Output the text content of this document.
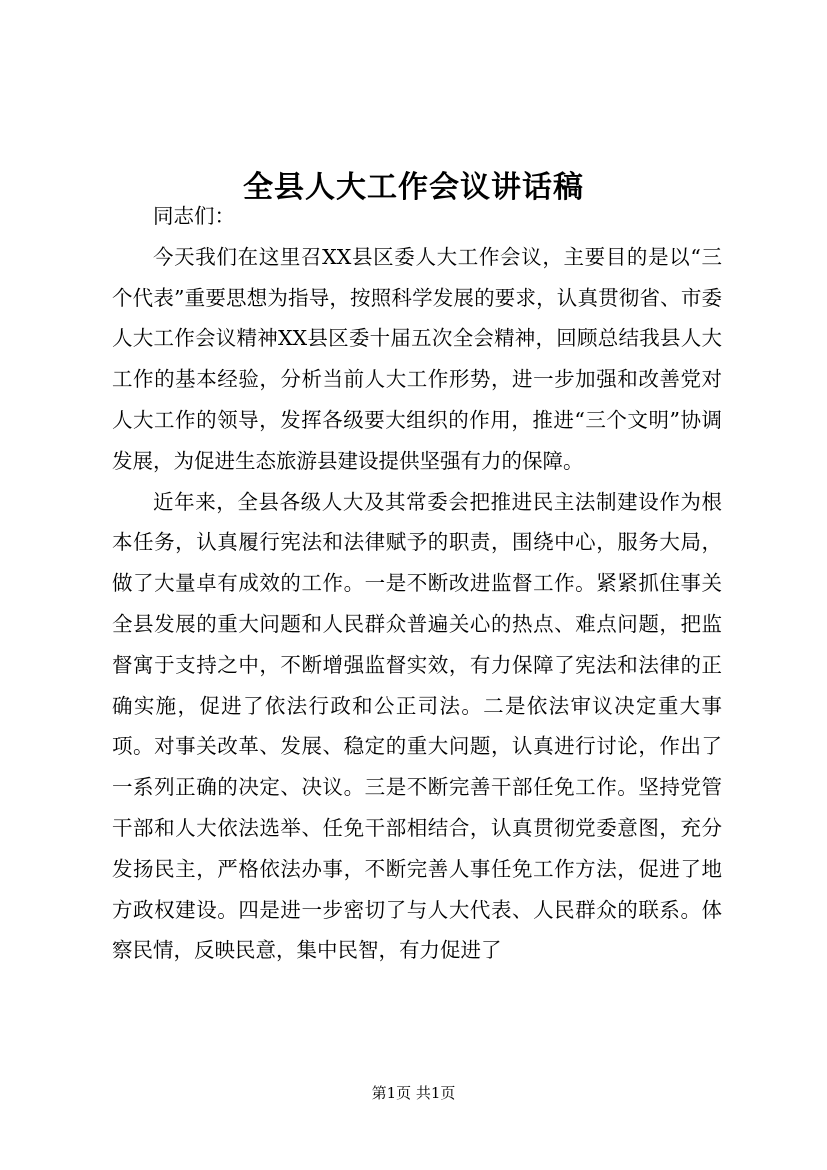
全县人大工作会议讲话稿

同志们：

今天我们在这里召XX县区委人大工作会议，主要目的是以“三个代表”重要思想为指导，按照科学发展的要求，认真贯彻省、市委人大工作会议精神XX县区委十届五次全会精神，回顾总结我县人大工作的基本经验，分析当前人大工作形势，进一步加强和改善党对人大工作的领导，发挥各级要大组织的作用，推进“三个文明”协调发展，为促进生态旅游县建设提供坚强有力的保障。

近年来，全县各级人大及其常委会把推进民主法制建设作为根本任务，认真履行宪法和法律赋予的职责，围绕中心，服务大局，做了大量卓有成效的工作。一是不断改进监督工作。紧紧抓住事关全县发展的重大问题和人民群众普遍关心的热点、难点问题，把监督寓于支持之中，不断增强监督实效，有力保障了宪法和法律的正确实施，促进了依法行政和公正司法。二是依法审议决定重大事项。对事关改革、发展、稳定的重大问题，认真进行讨论，作出了一系列正确的决定、决议。三是不断完善干部任免工作。坚持党管干部和人大依法选举、任免干部相结合，认真贯彻党委意图，充分发扬民主，严格依法办事，不断完善人事任免工作方法，促进了地方政权建设。四是进一步密切了与人大代表、人民群众的联系。体察民情，反映民意，集中民智，有力促进了

第1页 共1页
